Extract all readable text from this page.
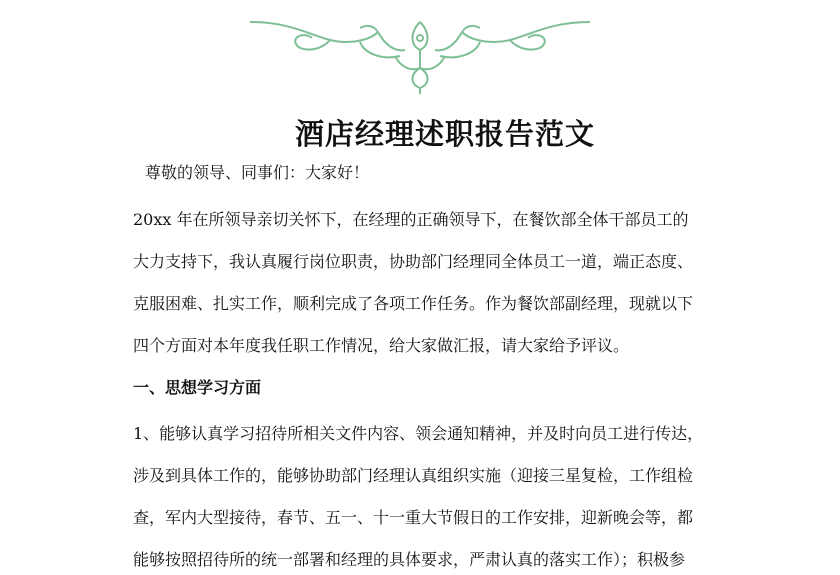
酒店经理述职报告范文

尊敬的领导、同事们：大家好！

20xx 年在所领导亲切关怀下，在经理的正确领导下，在餐饮部全体干部员工的

大力支持下，我认真履行岗位职责，协助部门经理同全体员工一道，端正态度、

克服困难、扎实工作，顺利完成了各项工作任务。作为餐饮部副经理，现就以下

四个方面对本年度我任职工作情况，给大家做汇报，请大家给予评议。

一、思想学习方面

1、能够认真学习招待所相关文件内容、领会通知精神，并及时向员工进行传达，

涉及到具体工作的，能够协助部门经理认真组织实施（迎接三星复检，工作组检

查，军内大型接待，春节、五一、十一重大节假日的工作安排，迎新晚会等，都

能够按照招待所的统一部署和经理的具体要求，严肃认真的落实工作）；积极参
